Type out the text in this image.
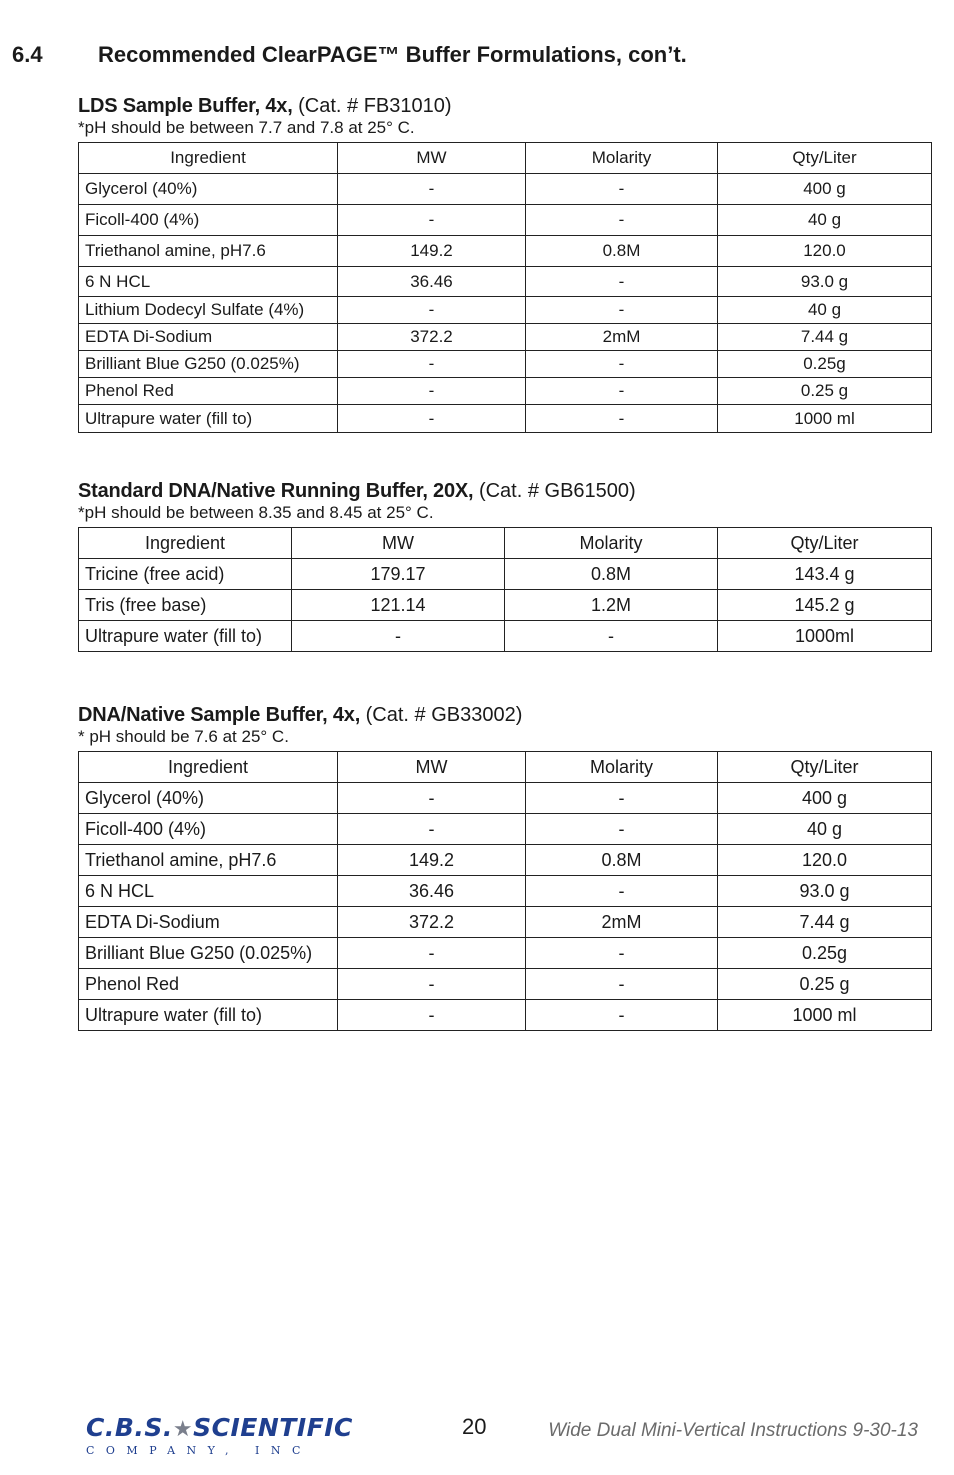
6.4	Recommended ClearPAGE™ Buffer Formulations, con’t.
LDS Sample Buffer, 4x, (Cat. # FB31010)
*pH should be between 7.7 and 7.8 at 25° C.
Ingredient	MW	Molarity	Qty/Liter
Glycerol (40%)	-	-	400 g
Ficoll-400 (4%)	-	-	40 g
Triethanol amine, pH7.6	149.2	0.8M	120.0
6 N HCL	36.46	-	93.0 g
Lithium Dodecyl Sulfate (4%)	-	-	40 g
EDTA Di-Sodium	372.2	2mM	7.44 g
Brilliant Blue G250 (0.025%)	-	-	0.25g
Phenol Red	-	-	0.25 g
Ultrapure water (fill to)	-	-	1000 ml
Standard DNA/Native Running Buffer, 20X, (Cat. # GB61500)
*pH should be between 8.35 and 8.45 at 25° C.
Ingredient	MW	Molarity	Qty/Liter
Tricine (free acid)	179.17	0.8M	143.4 g
Tris (free base)	121.14	1.2M	145.2 g
Ultrapure water (fill to)	-	-	1000ml
DNA/Native Sample Buffer, 4x, (Cat. # GB33002)
* pH should be 7.6 at 25° C.
Ingredient	MW	Molarity	Qty/Liter
Glycerol (40%)	-	-	400 g
Ficoll-400 (4%)	-	-	40 g
Triethanol amine, pH7.6	149.2	0.8M	120.0
6 N HCL	36.46	-	93.0 g
EDTA Di-Sodium	372.2	2mM	7.44 g
Brilliant Blue G250 (0.025%)	-	-	0.25g
Phenol Red	-	-	0.25 g
Ultrapure water (fill to)	-	-	1000 ml
C.B.S.★SCIENTIFIC
COMPANY, INC
20	Wide Dual Mini-Vertical Instructions 9-30-13
